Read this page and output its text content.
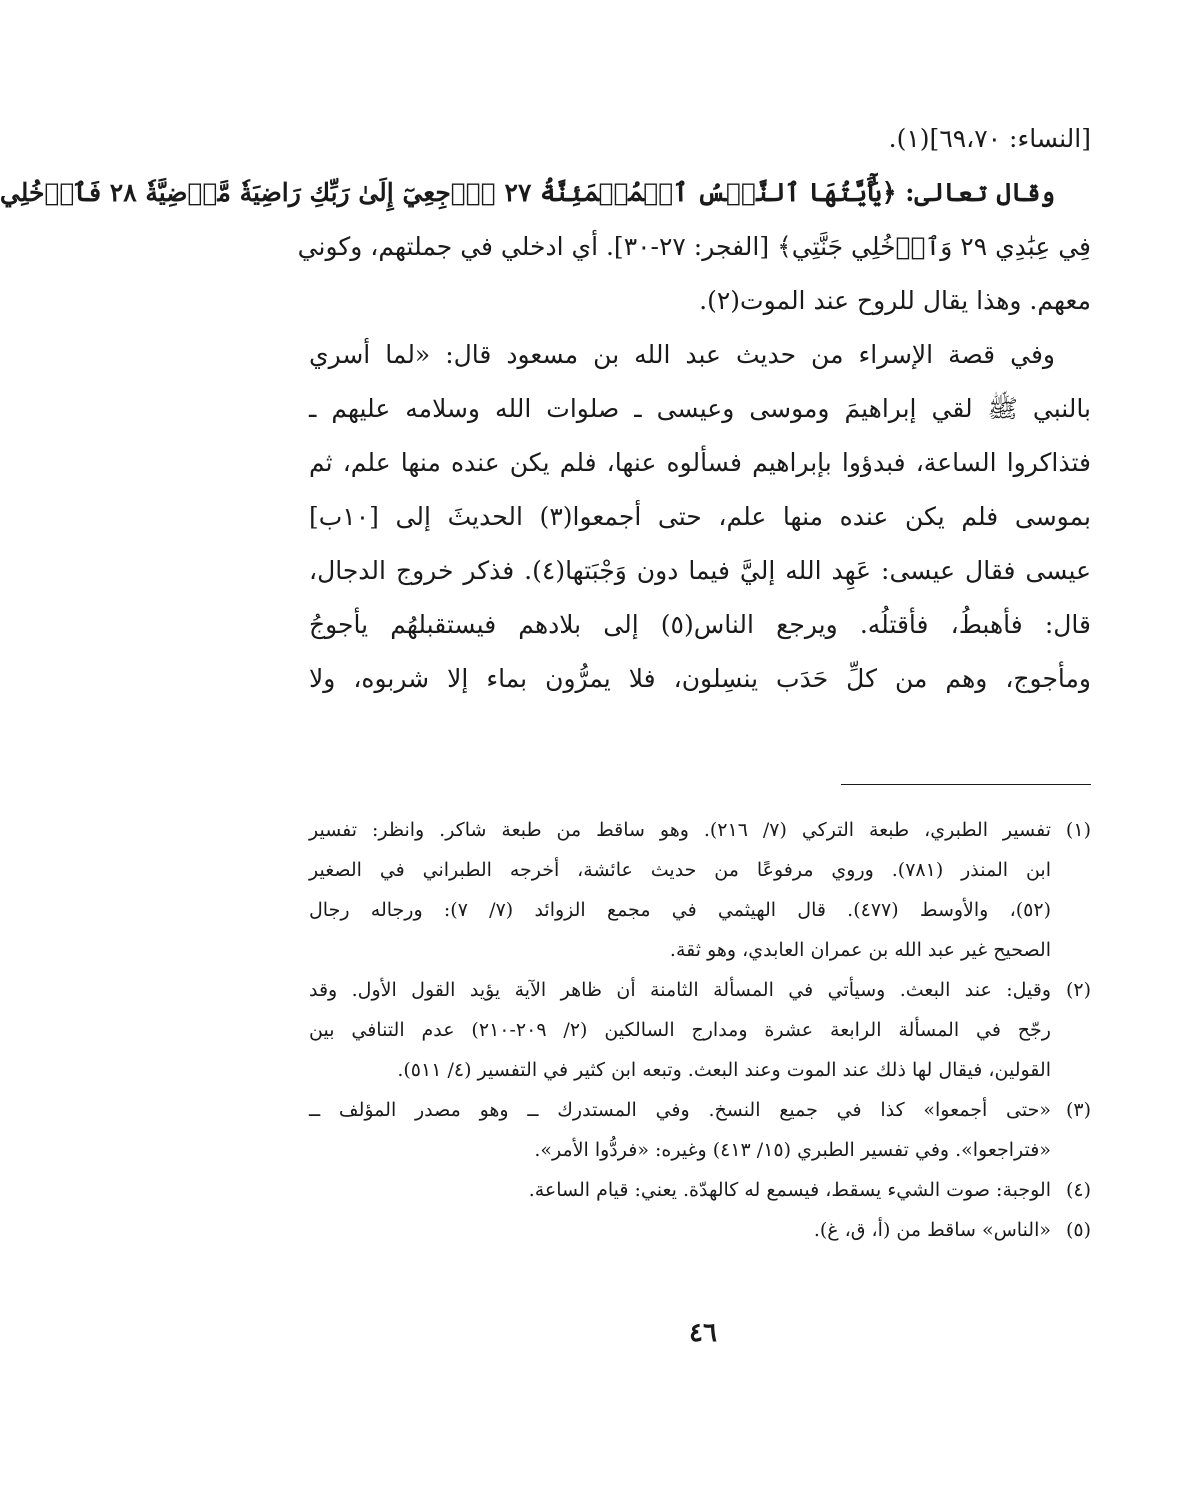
[النساء: ٦٩،٧٠](١).
وقال تعالى: ﴿يَٰٓأَيَّتُهَا ٱلنَّفۡسُ ٱلۡمُطۡمَئِنَّةُ ٢٧ ٱرۡجِعِيٓ إِلَىٰ رَبِّكِ رَاضِيَةٗ مَّرۡضِيَّةٗ ٢٨ فَٱدۡخُلِي
فِي عِبَٰدِي ٢٩ وَٱدۡخُلِي جَنَّتِي﴾ [الفجر: ٢٧-٣٠]. أي ادخلي في جملتهم، وكوني
معهم. وهذا يقال للروح عند الموت(٢).
وفي قصة الإسراء من حديث عبد الله بن مسعود قال: «لما أسري
بالنبي ﷺ لقي إبراهيمَ وموسى وعيسى ـ صلوات الله وسلامه عليهم ـ
فتذاكروا الساعة، فبدؤوا بإبراهيم فسألوه عنها، فلم يكن عنده منها علم، ثم
بموسى فلم يكن عنده منها علم، حتى أجمعوا(٣) الحديثَ إلى [١٠ب]
عيسى فقال عيسى: عَهِد الله إليَّ فيما دون وَجْبَتها(٤). فذكر خروج الدجال،
قال: فأهبطُ، فأقتلُه. ويرجع الناس(٥) إلى بلادهم فيستقبلهُم يأجوجُ
ومأجوج، وهم من كلِّ حَدَب ينسِلون، فلا يمرُّون بماء إلا شربوه، ولا
(١)تفسير الطبري، طبعة التركي (٧/ ٢١٦). وهو ساقط من طبعة شاكر. وانظر: تفسير
ابن المنذر (٧٨١). وروي مرفوعًا من حديث عائشة، أخرجه الطبراني في الصغير
(٥٢)، والأوسط (٤٧٧). قال الهيثمي في مجمع الزوائد (٧/ ٧): ورجاله رجال
الصحيح غير عبد الله بن عمران العابدي، وهو ثقة.
(٢)وقيل: عند البعث. وسيأتي في المسألة الثامنة أن ظاهر الآية يؤيد القول الأول. وقد
رجّح في المسألة الرابعة عشرة ومدارج السالكين (٢/ ٢٠٩-٢١٠) عدم التنافي بين
القولين، فيقال لها ذلك عند الموت وعند البعث. وتبعه ابن كثير في التفسير (٤/ ٥١١).
(٣)«حتى أجمعوا» كذا في جميع النسخ. وفي المستدرك ــ وهو مصدر المؤلف ــ
«فتراجعوا». وفي تفسير الطبري (١٥/ ٤١٣) وغيره: «فردُّوا الأمر».
(٤)الوجبة: صوت الشيء يسقط، فيسمع له كالهدّة. يعني: قيام الساعة.
(٥)«الناس» ساقط من (أ، ق، غ).
٤٦
